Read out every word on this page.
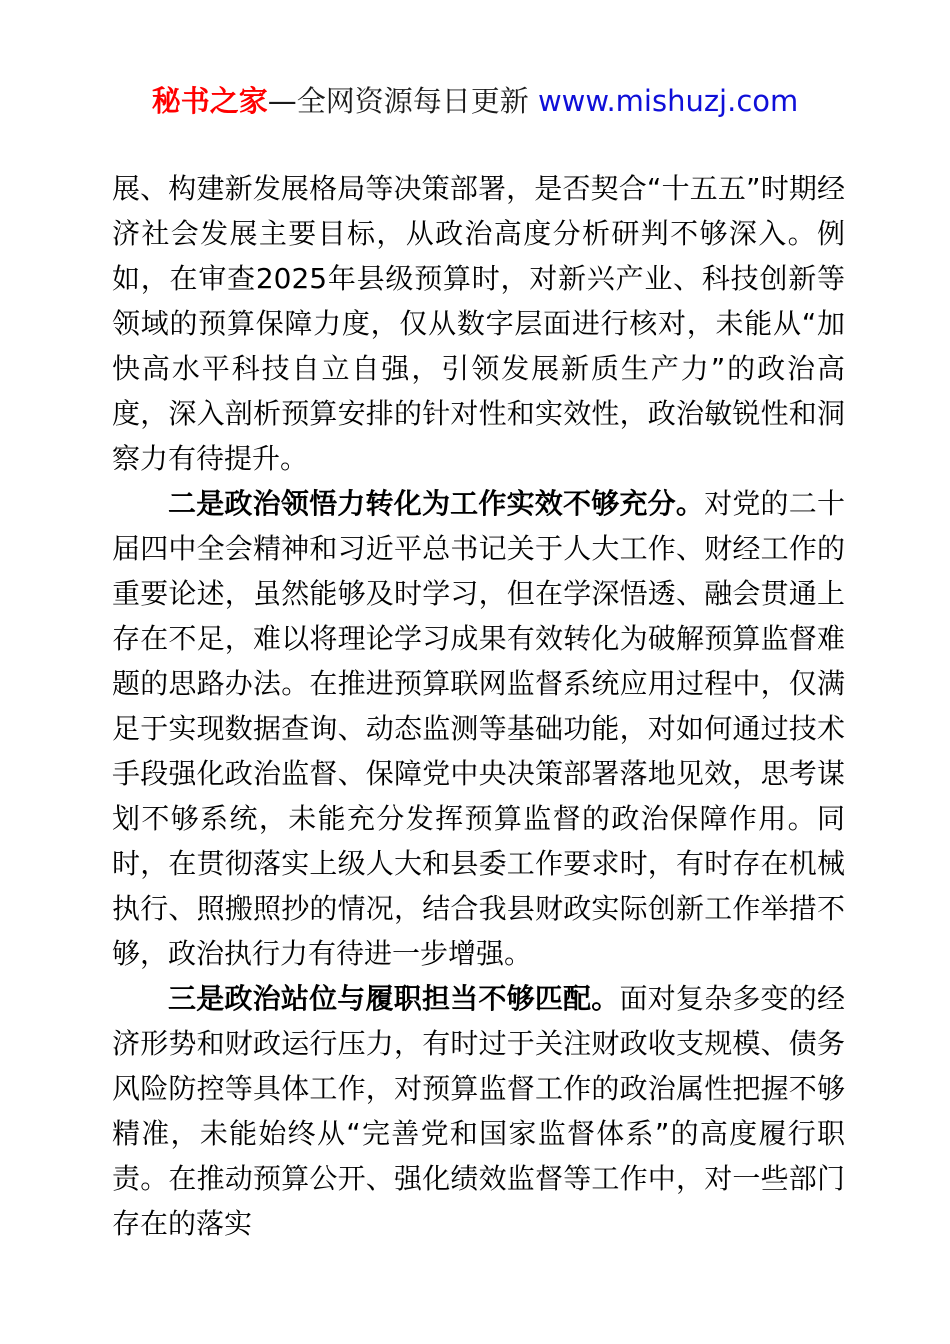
秘书之家—全网资源每日更新 www.mishuzj.com

展、构建新发展格局等决策部署，是否契合“十五五”时期经济社会发展主要目标，从政治高度分析研判不够深入。例如，在审查2025年县级预算时，对新兴产业、科技创新等领域的预算保障力度，仅从数字层面进行核对，未能从“加快高水平科技自立自强，引领发展新质生产力”的政治高度，深入剖析预算安排的针对性和实效性，政治敏锐性和洞察力有待提升。

二是政治领悟力转化为工作实效不够充分。对党的二十届四中全会精神和习近平总书记关于人大工作、财经工作的重要论述，虽然能够及时学习，但在学深悟透、融会贯通上存在不足，难以将理论学习成果有效转化为破解预算监督难题的思路办法。在推进预算联网监督系统应用过程中，仅满足于实现数据查询、动态监测等基础功能，对如何通过技术手段强化政治监督、保障党中央决策部署落地见效，思考谋划不够系统，未能充分发挥预算监督的政治保障作用。同时，在贯彻落实上级人大和县委工作要求时，有时存在机械执行、照搬照抄的情况，结合我县财政实际创新工作举措不够，政治执行力有待进一步增强。

三是政治站位与履职担当不够匹配。面对复杂多变的经济形势和财政运行压力，有时过于关注财政收支规模、债务风险防控等具体工作，对预算监督工作的政治属性把握不够精准，未能始终从“完善党和国家监督体系”的高度履行职责。在推动预算公开、强化绩效监督等工作中，对一些部门存在的落实
